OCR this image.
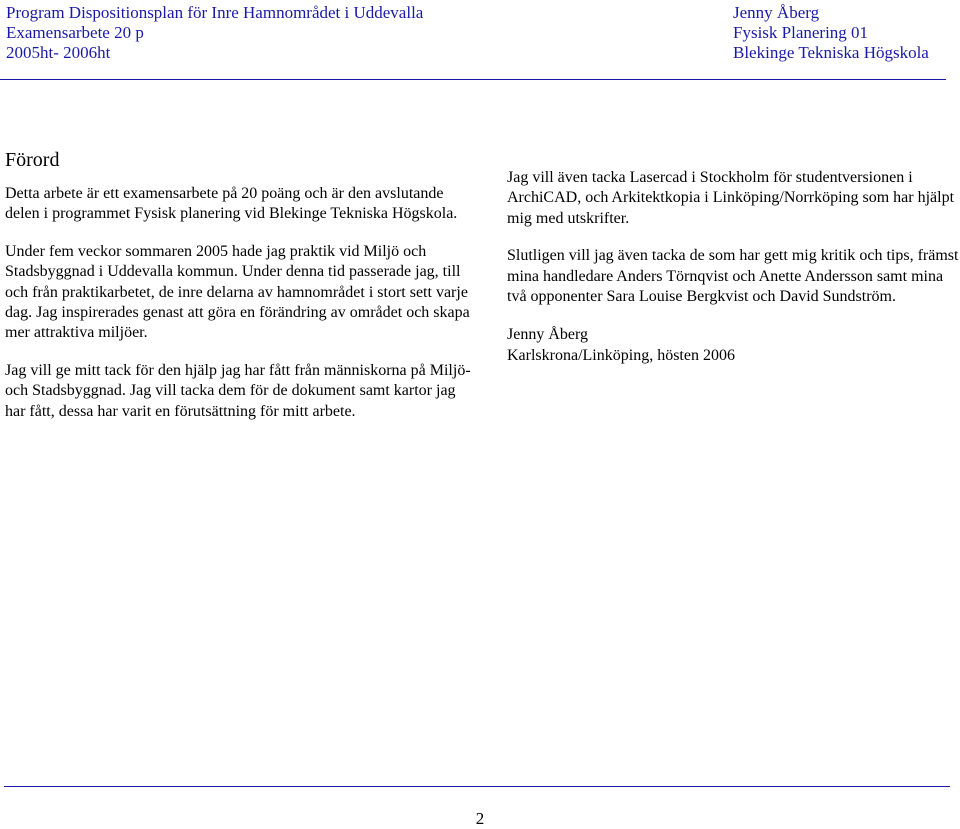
Program Dispositionsplan för Inre Hamnområdet i Uddevalla
Examensarbete 20 p
2005ht- 2006ht
Jenny Åberg
Fysisk Planering 01
Blekinge Tekniska Högskola
Förord

Detta arbete är ett examensarbete på 20 poäng och är den avslutande delen i programmet Fysisk planering vid Blekinge Tekniska Högskola.

Under fem veckor sommaren 2005 hade jag praktik vid Miljö och Stadsbyggnad i Uddevalla kommun. Under denna tid passerade jag, till och från praktikarbetet, de inre delarna av hamnområdet i stort sett varje dag. Jag inspirerades genast att göra en förändring av området och skapa mer attraktiva miljöer.

Jag vill ge mitt tack för den hjälp jag har fått från människorna på Miljö- och Stadsbyggnad. Jag vill tacka dem för de dokument samt kartor jag har fått, dessa har varit en förutsättning för mitt arbete.

Jag vill även tacka Lasercad i Stockholm för studentversionen i ArchiCAD, och Arkitektkopia i Linköping/Norrköping som har hjälpt mig med utskrifter.

Slutligen vill jag även tacka de som har gett mig kritik och tips, främst mina handledare Anders Törnqvist och Anette Andersson samt mina två opponenter Sara Louise Bergkvist och David Sundström.

Jenny Åberg

Karlskrona/Linköping, hösten 2006

2
